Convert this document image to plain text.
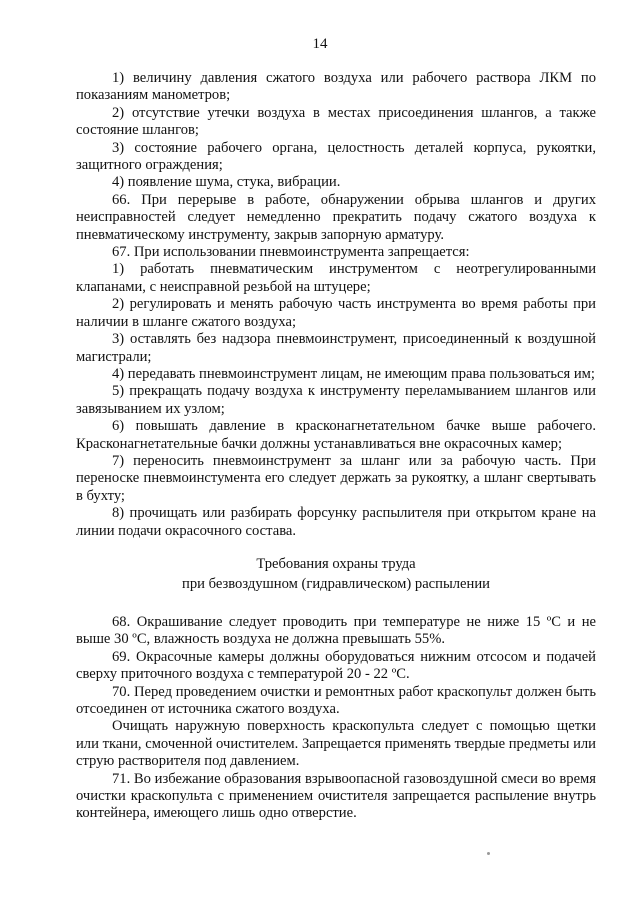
14

1) величину давления сжатого воздуха или рабочего раствора ЛКМ по показаниям манометров;

2) отсутствие утечки воздуха в местах присоединения шлангов, а также состояние шлангов;

3) состояние рабочего органа, целостность деталей корпуса, рукоятки, защитного ограждения;

4) появление шума, стука, вибрации.

66. При перерыве в работе, обнаружении обрыва шлангов и других неисправностей следует немедленно прекратить подачу сжатого воздуха к пневматическому инструменту, закрыв запорную арматуру.

67. При использовании пневмоинструмента запрещается:

1) работать пневматическим инструментом с неотрегулированными клапанами, с неисправной резьбой на штуцере;

2) регулировать и менять рабочую часть инструмента во время работы при наличии в шланге сжатого воздуха;

3) оставлять без надзора пневмоинструмент, присоединенный к воздушной магистрали;

4) передавать пневмоинструмент лицам, не имеющим права пользоваться им;

5) прекращать подачу воздуха к инструменту переламыванием шлангов или завязыванием их узлом;

6) повышать давление в красконагнетательном бачке выше рабочего. Красконагнетательные бачки должны устанавливаться вне окрасочных камер;

7) переносить пневмоинструмент за шланг или за рабочую часть. При переноске пневмоинстумента его следует держать за рукоятку, а шланг свертывать в бухту;

8) прочищать или разбирать форсунку распылителя при открытом кране на линии подачи окрасочного состава.

Требования охраны труда
при безвоздушном (гидравлическом) распылении

68. Окрашивание следует проводить при температуре не ниже 15 ºС и не выше 30 ºС, влажность воздуха не должна превышать 55%.

69. Окрасочные камеры должны оборудоваться нижним отсосом и подачей сверху приточного воздуха с температурой 20 - 22 ºС.

70. Перед проведением очистки и ремонтных работ краскопульт должен быть отсоединен от источника сжатого воздуха.

Очищать наружную поверхность краскопульта следует с помощью щетки или ткани, смоченной очистителем. Запрещается применять твердые предметы или струю растворителя под давлением.

71. Во избежание образования взрывоопасной газовоздушной смеси во время очистки краскопульта с применением очистителя запрещается распыление внутрь контейнера, имеющего лишь одно отверстие.
